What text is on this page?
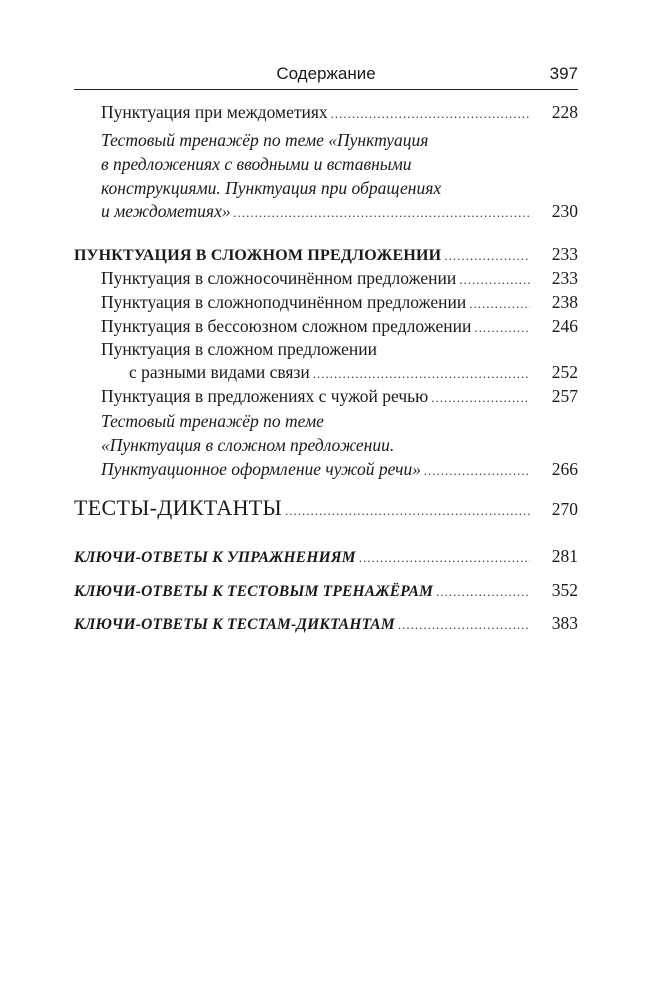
Содержание	397
Пунктуация при междометиях .....	228
Тестовый тренажёр по теме «Пунктуация
в предложениях с вводными и вставными
конструкциями. Пунктуация при обращениях
и междометиях» .....	230
ПУНКТУАЦИЯ В СЛОЖНОМ ПРЕДЛОЖЕНИИ .....	233
Пунктуация в сложносочинённом предложении .....	233
Пунктуация в сложноподчинённом предложении .....	238
Пунктуация в бессоюзном сложном предложении .....	246
Пунктуация в сложном предложении
с разными видами связи .....	252
Пунктуация в предложениях с чужой речью .....	257
Тестовый тренажёр по теме
«Пунктуация в сложном предложении.
Пунктуационное оформление чужой речи» .....	266
ТЕСТЫ-ДИКТАНТЫ .....	270
КЛЮЧИ-ОТВЕТЫ К УПРАЖНЕНИЯМ .....	281
КЛЮЧИ-ОТВЕТЫ К ТЕСТОВЫМ ТРЕНАЖЁРАМ .....	352
КЛЮЧИ-ОТВЕТЫ К ТЕСТАМ-ДИКТАНТАМ .....	383
